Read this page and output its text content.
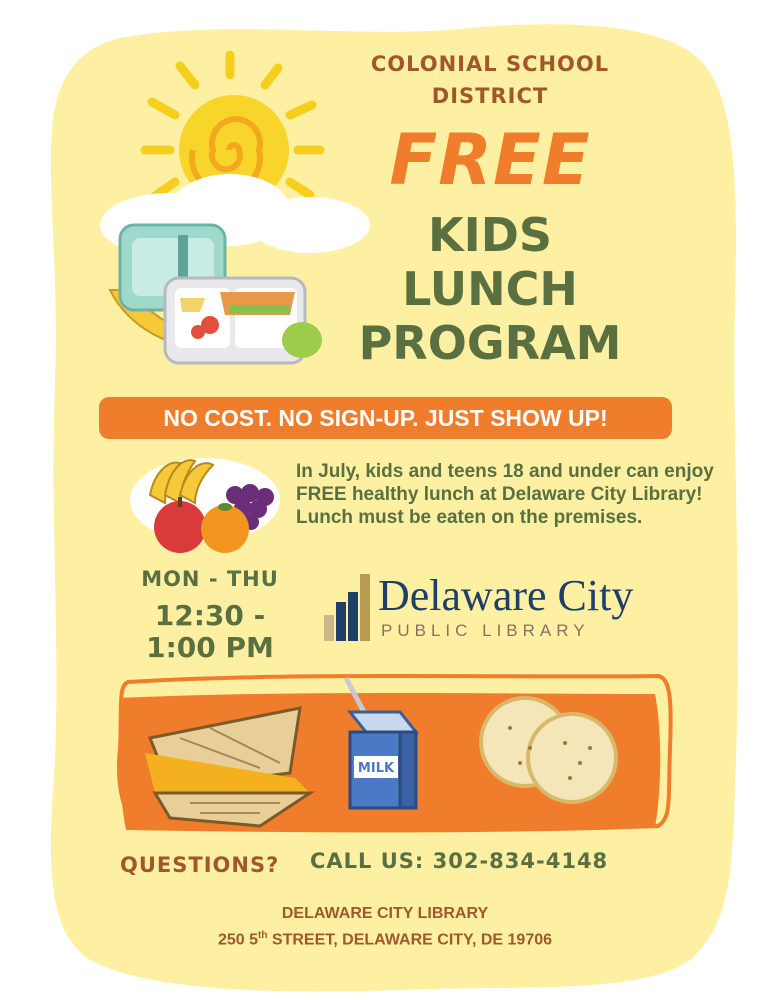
COLONIAL SCHOOL DISTRICT
FREE
KIDS
LUNCH
PROGRAM
NO COST. NO SIGN-UP. JUST SHOW UP!
In July, kids and teens 18 and under can enjoy FREE healthy lunch at Delaware City Library! Lunch must be eaten on the premises.
MON - THU
12:30 -
1:00 PM
Delaware City
PUBLIC LIBRARY
MILK
QUESTIONS? CALL US: 302-834-4148
DELAWARE CITY LIBRARY
250 5th STREET, DELAWARE CITY, DE 19706
